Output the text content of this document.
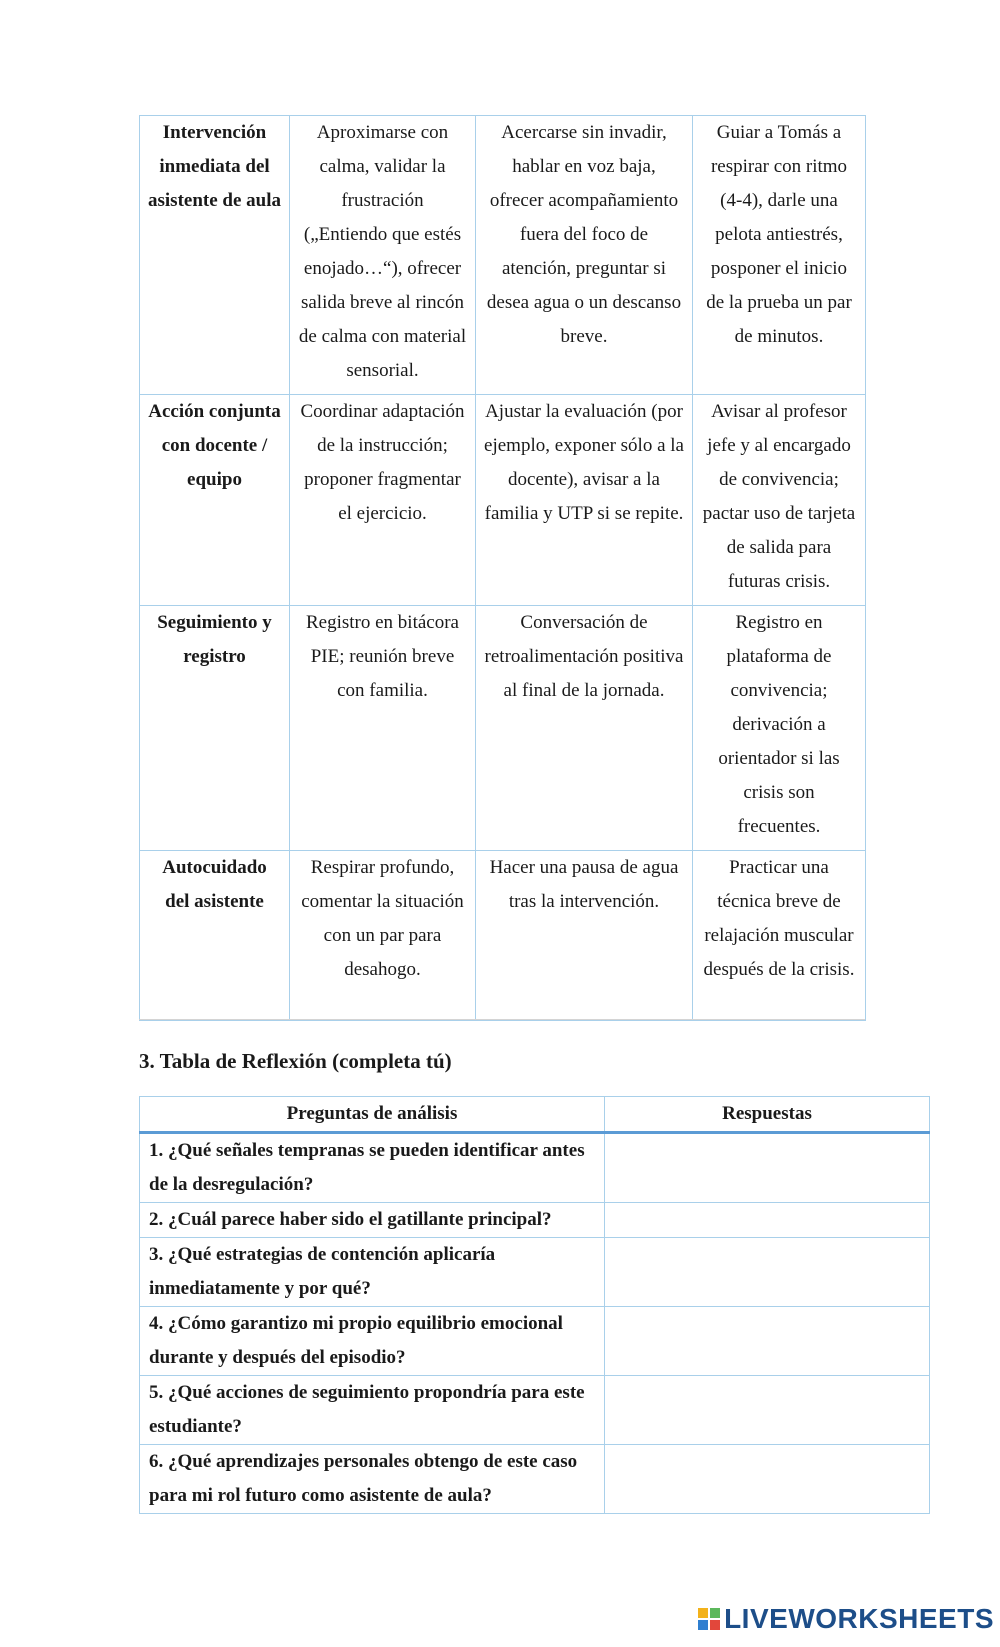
Intervención inmediata del asistente de aula	Aproximarse con calma, validar la frustración („Entiendo que estés enojado…“), ofrecer salida breve al rincón de calma con material sensorial.	Acercarse sin invadir, hablar en voz baja, ofrecer acompañamiento fuera del foco de atención, preguntar si desea agua o un descanso breve.	Guiar a Tomás a respirar con ritmo (4-4), darle una pelota antiestrés, posponer el inicio de la prueba un par de minutos.
Acción conjunta con docente / equipo	Coordinar adaptación de la instrucción; proponer fragmentar el ejercicio.	Ajustar la evaluación (por ejemplo, exponer sólo a la docente), avisar a la familia y UTP si se repite.	Avisar al profesor jefe y al encargado de convivencia; pactar uso de tarjeta de salida para futuras crisis.
Seguimiento y registro	Registro en bitácora PIE; reunión breve con familia.	Conversación de retroalimentación positiva al final de la jornada.	Registro en plataforma de convivencia; derivación a orientador si las crisis son frecuentes.
Autocuidado del asistente	Respirar profundo, comentar la situación con un par para desahogo.	Hacer una pausa de agua tras la intervención.	Practicar una técnica breve de relajación muscular después de la crisis.
3. Tabla de Reflexión (completa tú)
Preguntas de análisis	Respuestas
1. ¿Qué señales tempranas se pueden identificar antes de la desregulación?	
2. ¿Cuál parece haber sido el gatillante principal?	
3. ¿Qué estrategias de contención aplicaría inmediatamente y por qué?	
4. ¿Cómo garantizo mi propio equilibrio emocional durante y después del episodio?	
5. ¿Qué acciones de seguimiento propondría para este estudiante?	
6. ¿Qué aprendizajes personales obtengo de este caso para mi rol futuro como asistente de aula?	
LIVEWORKSHEETS
